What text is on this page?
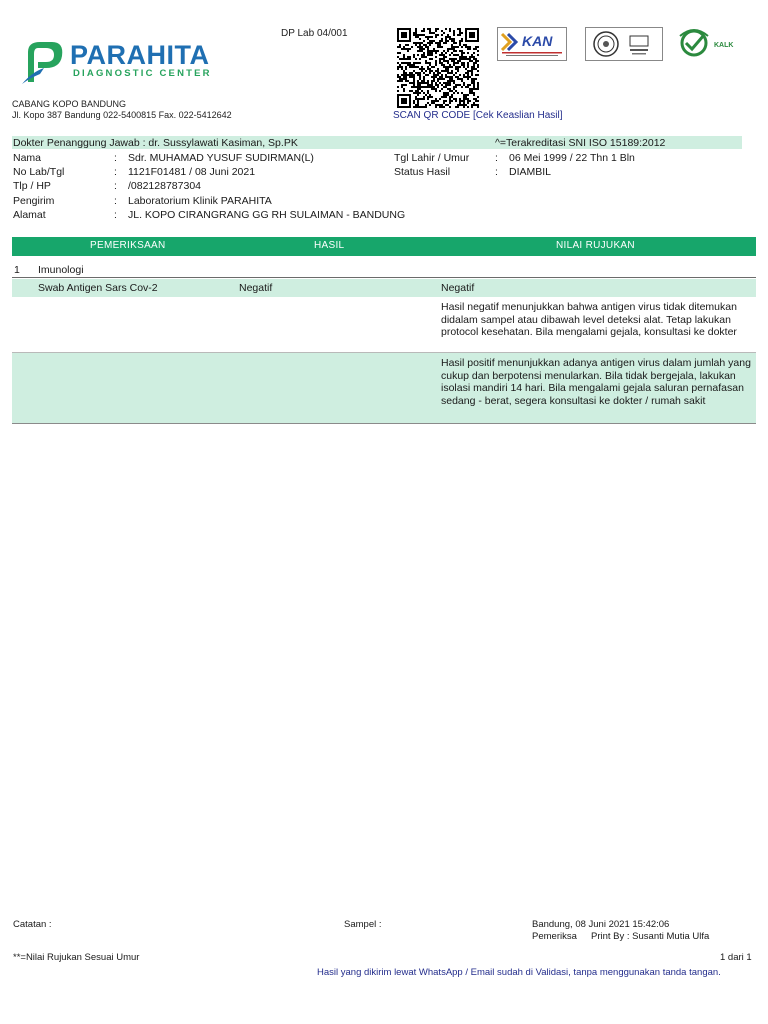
PARAHITA
DIAGNOSTIC CENTER
CABANG KOPO BANDUNG
Jl. Kopo 387 Bandung 022-5400815 Fax. 022-5412642
DP Lab 04/001
SCAN QR CODE [Cek Keaslian Hasil]
KAN	KALK
Dokter Penanggung Jawab : dr. Sussylawati Kasiman, Sp.PK	^=Terakreditasi SNI ISO 15189:2012
Nama	: Sdr. MUHAMAD YUSUF SUDIRMAN(L)
No Lab/Tgl	: 1121F01481 / 08 Juni 2021
Tlp / HP	: /082128787304
Pengirim	: Laboratorium Klinik PARAHITA
Alamat	: JL. KOPO CIRANGRANG GG RH SULAIMAN - BANDUNG
Tgl Lahir / Umur : 06 Mei 1999 / 22 Thn 1 Bln
Status Hasil	: DIAMBIL
PEMERIKSAAN	HASIL	NILAI RUJUKAN
1 Imunologi
Swab Antigen Sars Cov-2	Negatif	Negatif
Hasil negatif menunjukkan bahwa antigen virus tidak ditemukan didalam sampel atau dibawah level deteksi alat. Tetap lakukan protocol kesehatan. Bila mengalami gejala, konsultasi ke dokter
Hasil positif menunjukkan adanya antigen virus dalam jumlah yang cukup dan berpotensi menularkan. Bila tidak bergejala, lakukan isolasi mandiri 14 hari. Bila mengalami gejala saluran pernafasan sedang - berat, segera konsultasi ke dokter / rumah sakit
Catatan :	Sampel :	Bandung, 08 Juni 2021 15:42:06
Pemeriksa Print By : Susanti Mutia Ulfa
**=Nilai Rujukan Sesuai Umur	1 dari 1
Hasil yang dikirim lewat WhatsApp / Email sudah di Validasi, tanpa menggunakan tanda tangan.
